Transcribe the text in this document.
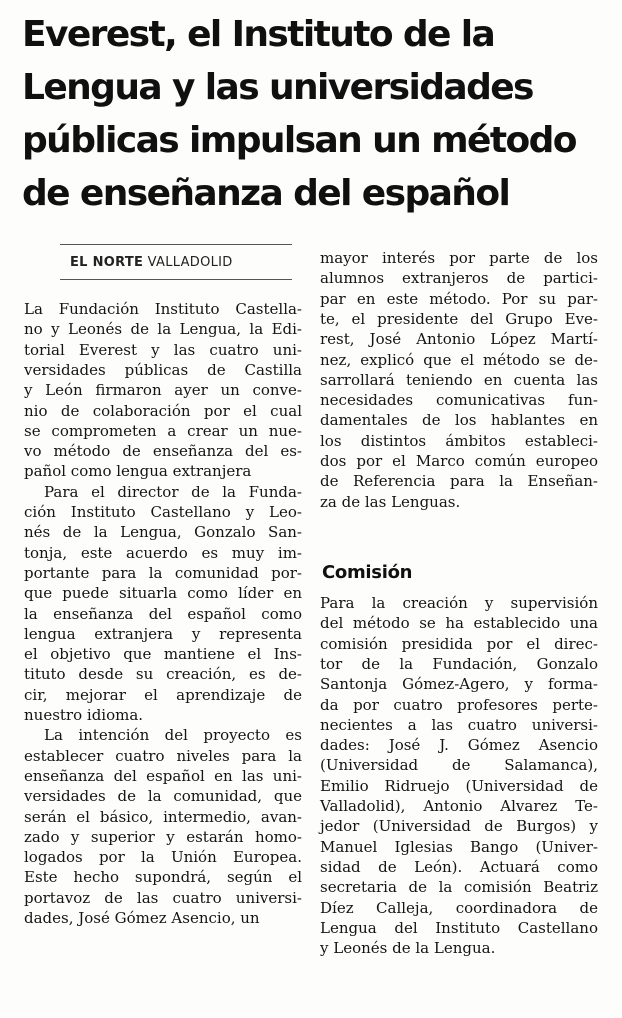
Everest, el Instituto de la
Lengua y las universidades
públicas impulsan un método
de enseñanza del español
EL NORTE VALLADOLID
La Fundación Instituto Castella-
no y Leonés de la Lengua, la Edi-
torial Everest y las cuatro uni-
versidades públicas de Castilla
y León firmaron ayer un conve-
nio de colaboración por el cual
se comprometen a crear un nue-
vo método de enseñanza del es-
pañol como lengua extranjera
Para el director de la Funda-
ción Instituto Castellano y Leo-
nés de la Lengua, Gonzalo San-
tonja, este acuerdo es muy im-
portante para la comunidad por-
que puede situarla como líder en
la enseñanza del español como
lengua extranjera y representa
el objetivo que mantiene el Ins-
tituto desde su creación, es de-
cir, mejorar el aprendizaje de
nuestro idioma.
La intención del proyecto es
establecer cuatro niveles para la
enseñanza del español en las uni-
versidades de la comunidad, que
serán el básico, intermedio, avan-
zado y superior y estarán homo-
logados por la Unión Europea.
Este hecho supondrá, según el
portavoz de las cuatro universi-
dades, José Gómez Asencio, un
mayor interés por parte de los
alumnos extranjeros de partici-
par en este método. Por su par-
te, el presidente del Grupo Eve-
rest, José Antonio López Martí-
nez, explicó que el método se de-
sarrollará teniendo en cuenta las
necesidades comunicativas fun-
damentales de los hablantes en
los distintos ámbitos estableci-
dos por el Marco común europeo
de Referencia para la Enseñan-
za de las Lenguas.
Para la creación y supervisión
del método se ha establecido una
comisión presidida por el direc-
tor de la Fundación, Gonzalo
Santonja Gómez-Agero, y forma-
da por cuatro profesores perte-
necientes a las cuatro universi-
dades: José J. Gómez Asencio
(Universidad de Salamanca),
Emilio Ridruejo (Universidad de
Valladolid), Antonio Alvarez Te-
jedor (Universidad de Burgos) y
Manuel Iglesias Bango (Univer-
sidad de León). Actuará como
secretaria de la comisión Beatriz
Díez Calleja, coordinadora de
Lengua del Instituto Castellano
y Leonés de la Lengua.
Comisión
